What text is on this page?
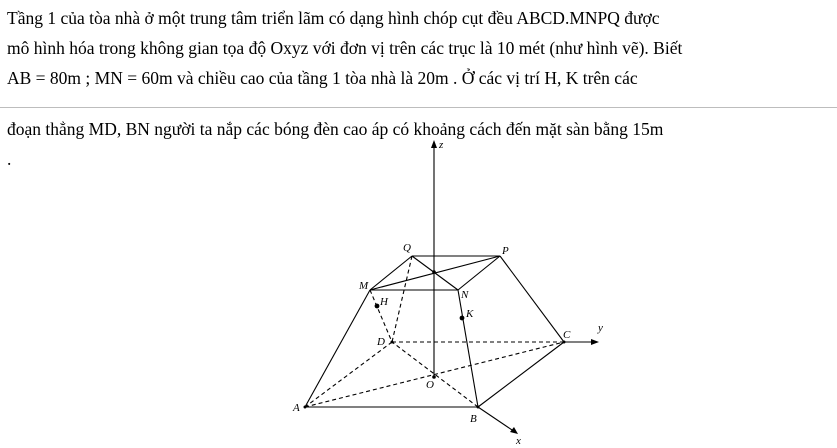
Tầng 1 của tòa nhà ở một trung tâm triển lãm có dạng hình chóp cụt đều ABCD.MNPQ được
mô hình hóa trong không gian tọa độ Oxyz với đơn vị trên các trục là 10 mét (như hình vẽ). Biết
AB = 80m ; MN = 60m và chiều cao của tầng 1 tòa nhà là 20m . Ở các vị trí H, K trên các
đoạn thẳng MD, BN người ta nắp các bóng đèn cao áp có khoảng cách đến mặt sàn bằng 15m
.
z
y
x
Q	P
M
N
H
K
D
C
O
A
B
